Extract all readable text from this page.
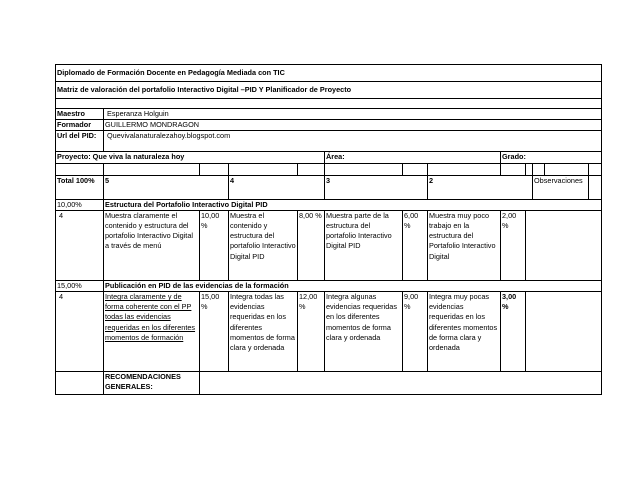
Diplomado de Formación Docente en Pedagogía Mediada con TIC												
Matriz de valoración del portafolio Interactivo Digital –PID Y Planificador de Proyecto												

Maestro	Esperanza Holguin											
Formador	GUILLERMO MONDRAGON											
Url del PID:	Quevivalanaturalezahoy.blogspot.com											
Proyecto: Que viva la naturaleza hoy					Área:			Grado:				

Total 100%	5		4		3		2			Observaciones		
10,00%	Estructura del Portafolio Interactivo Digital PID											
4	Muestra claramente el contenido y estructura del portafolio Interactivo Digital a través de menú	10,00 %	Muestra el contenido y estructura del portafolio Interactivo Digital PID	8,00 %	Muestra parte de la estructura del portafolio Interactivo Digital PID	6,00 %	Muestra muy poco trabajo en la estructura del Portafolio Interactivo Digital	2,00 %				
15,00%	Publicación en PID de las evidencias de la formación											
4	Integra claramente y de forma coherente con el PP todas las evidencias requeridas en los diferentes momentos de formación	15,00 %	Integra todas las evidencias requeridas en los diferentes momentos de forma clara y ordenada	12,00 %	Integra algunas evidencias requeridas en los diferentes momentos de forma clara y ordenada	9,00 %	Integra muy pocas evidencias requeridas en los diferentes momentos de forma clara y ordenada	3,00 %				
	RECOMENDACIONES GENERALES:											
